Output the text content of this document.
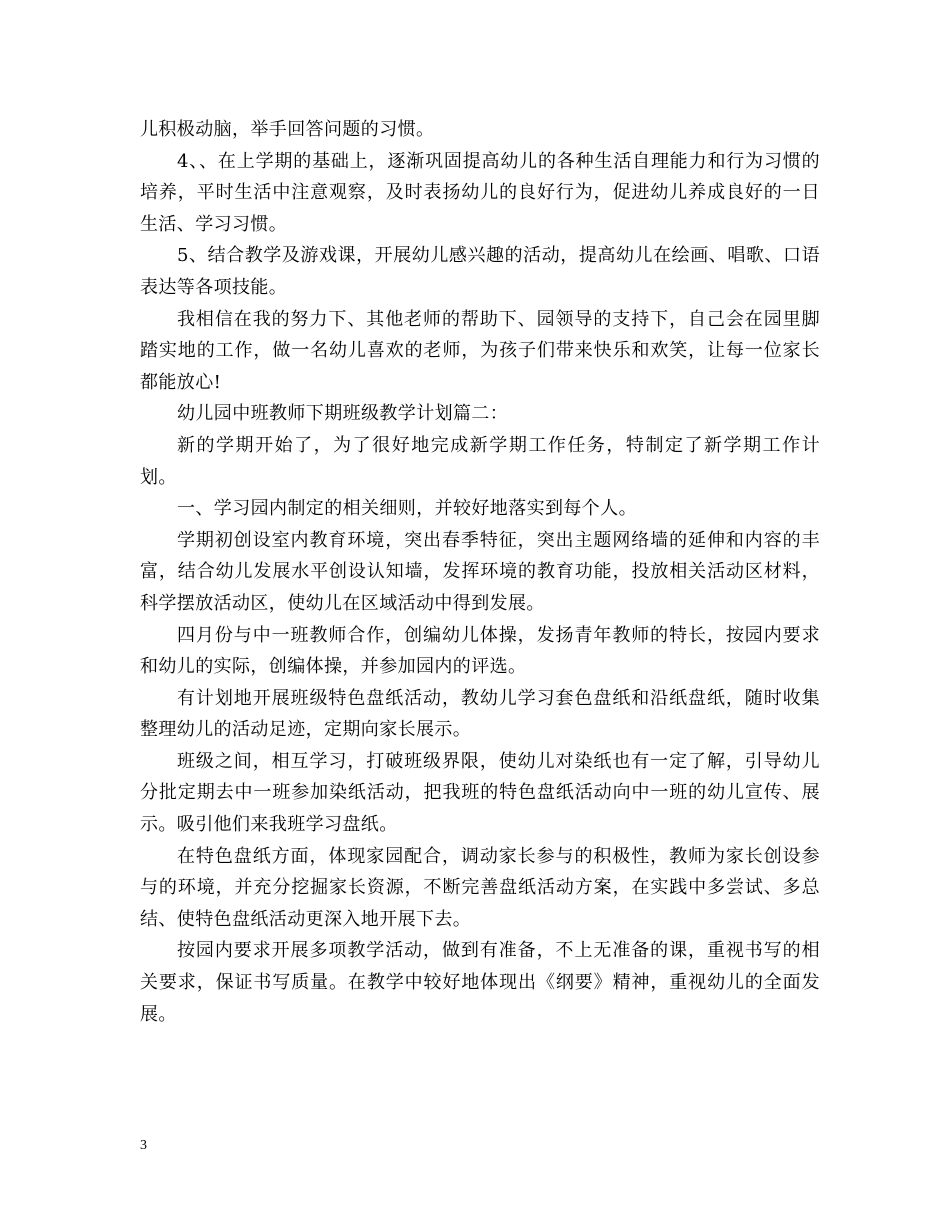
儿积极动脑，举手回答问题的习惯。

4、、在上学期的基础上，逐渐巩固提高幼儿的各种生活自理能力和行为习惯的培养，平时生活中注意观察，及时表扬幼儿的良好行为，促进幼儿养成良好的一日生活、学习习惯。

5、结合教学及游戏课，开展幼儿感兴趣的活动，提高幼儿在绘画、唱歌、口语表达等各项技能。

我相信在我的努力下、其他老师的帮助下、园领导的支持下，自己会在园里脚踏实地的工作，做一名幼儿喜欢的老师，为孩子们带来快乐和欢笑，让每一位家长都能放心!

幼儿园中班教师下期班级教学计划篇二：

新的学期开始了，为了很好地完成新学期工作任务，特制定了新学期工作计划。

一、学习园内制定的相关细则，并较好地落实到每个人。

学期初创设室内教育环境，突出春季特征，突出主题网络墙的延伸和内容的丰富，结合幼儿发展水平创设认知墙，发挥环境的教育功能，投放相关活动区材料，科学摆放活动区，使幼儿在区域活动中得到发展。

四月份与中一班教师合作，创编幼儿体操，发扬青年教师的特长，按园内要求和幼儿的实际，创编体操，并参加园内的评选。

有计划地开展班级特色盘纸活动，教幼儿学习套色盘纸和沿纸盘纸，随时收集整理幼儿的活动足迹，定期向家长展示。

班级之间，相互学习，打破班级界限，使幼儿对染纸也有一定了解，引导幼儿分批定期去中一班参加染纸活动，把我班的特色盘纸活动向中一班的幼儿宣传、展示。吸引他们来我班学习盘纸。

在特色盘纸方面，体现家园配合，调动家长参与的积极性，教师为家长创设参与的环境，并充分挖掘家长资源，不断完善盘纸活动方案，在实践中多尝试、多总结、使特色盘纸活动更深入地开展下去。

按园内要求开展多项教学活动，做到有准备，不上无准备的课，重视书写的相关要求，保证书写质量。在教学中较好地体现出《纲要》精神，重视幼儿的全面发展。

3
